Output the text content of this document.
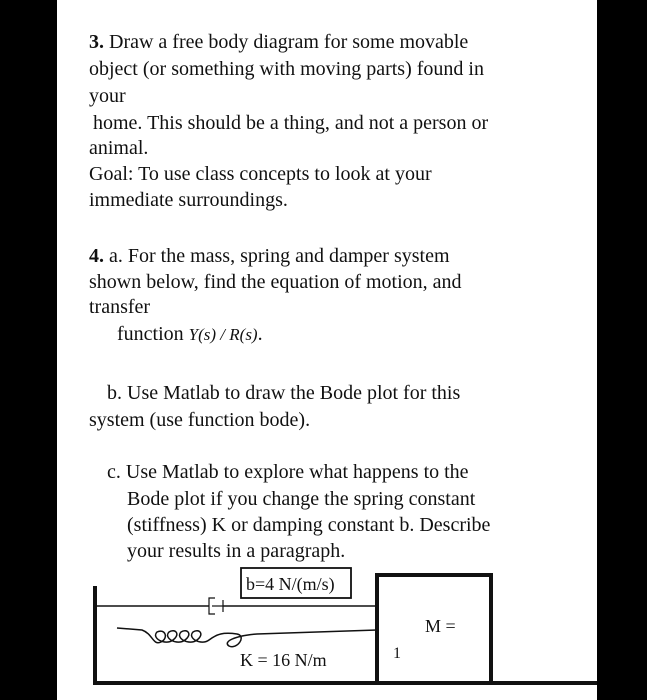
3. Draw a free body diagram for some movable
object (or something with moving parts) found in
your
home. This should be a thing, and not a person or
animal.
Goal: To use class concepts to look at your
immediate surroundings.
4. a. For the mass, spring and damper system
shown below, find the equation of motion, and
transfer
function Y(s) / R(s).
b. Use Matlab to draw the Bode plot for this
system (use function bode).
c. Use Matlab to explore what happens to the
Bode plot if you change the spring constant
(stiffness) K or damping constant b. Describe
your results in a paragraph.
b=4 N/(m/s)
K = 16 N/m
M =
1
